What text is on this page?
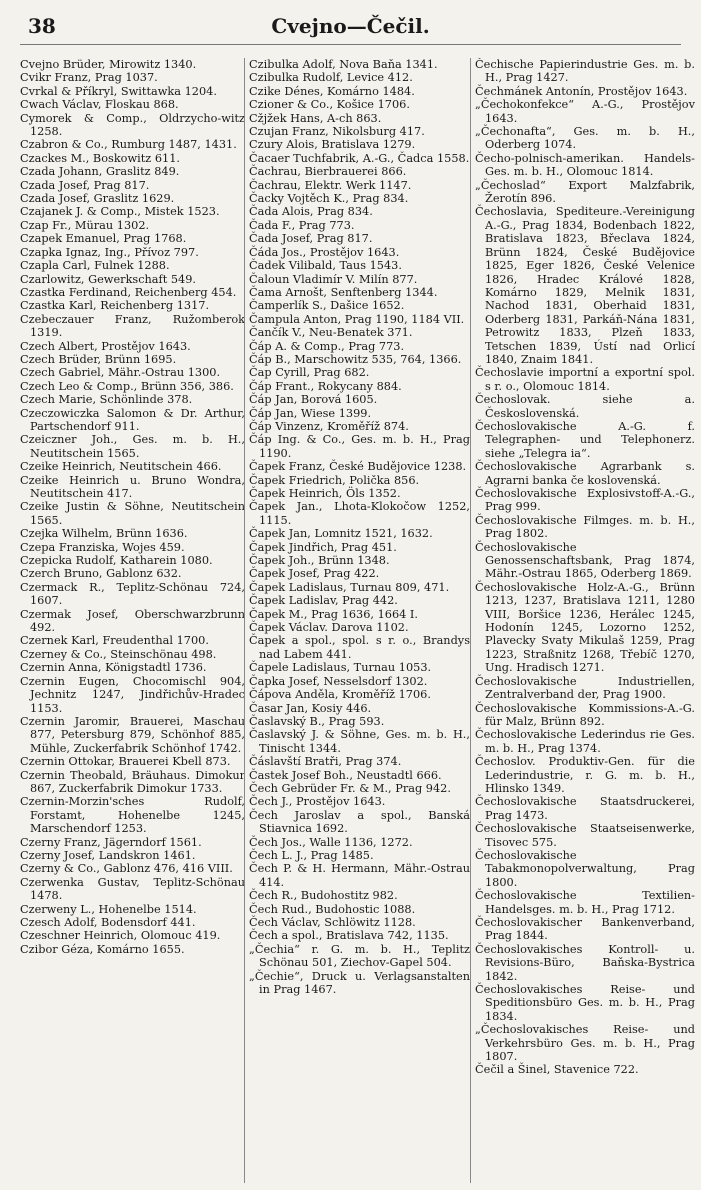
38	Cvejno—Čečil.

Cvejno Brüder, Mirowitz 1340.

Cvikr Franz, Prag 1037.

Cvrkal & Příkryl, Swittawka 1204.

Cwach Václav, Floskau 868.

Cymorek & Comp., Oldrzycho-witz 1258.

Czabron & Co., Rumburg 1487, 1431.

Czackes M., Boskowitz 611.

Czada Johann, Graslitz 849.

Czada Josef, Prag 817.

Czada Josef, Graslitz 1629.

Czajanek J. & Comp., Mistek 1523.

Czap Fr., Mürau 1302.

Czapek Emanuel, Prag 1768.

Czapka Ignaz, Ing., Přívoz 797.

Czapla Carl, Fulnek 1288.

Czarlowitz, Gewerkschaft 549.

Czastka Ferdinand, Reichenberg 454.

Czastka Karl, Reichenberg 1317.

Czebeczauer Franz, Ružomberok 1319.

Czech Albert, Prostějov 1643.

Czech Brüder, Brünn 1695.

Czech Gabriel, Mähr.-Ostrau 1300.

Czech Leo & Comp., Brünn 356, 386.

Czech Marie, Schönlinde 378.

Czeczowiczka Salomon & Dr. Arthur, Partschendorf 911.

Czeiczner Joh., Ges. m. b. H., Neutitschein 1565.

Czeike Heinrich, Neutitschein 466.

Czeike Heinrich u. Bruno Wondra, Neutitschein 417.

Czeike Justin & Söhne, Neutitschein 1565.

Czejka Wilhelm, Brünn 1636.

Czepa Franziska, Wojes 459.

Czepicka Rudolf, Katharein 1080.

Czerch Bruno, Gablonz 632.

Czermack R., Teplitz-Schönau 724, 1607.

Czermak Josef, Oberschwarzbrunn 492.

Czernek Karl, Freudenthal 1700.

Czerney & Co., Steinschönau 498.

Czernin Anna, Königstadtl 1736.

Czernin Eugen, Chocomischl 904, Jechnitz 1247, Jindřichův-Hradec 1153.

Czernin Jaromir, Brauerei, Maschau 877, Petersburg 879, Schönhof 885, Mühle, Zuckerfabrik Schönhof 1742.

Czernin Ottokar, Brauerei Kbell 873.

Czernin Theobald, Bräuhaus. Dimokur 867, Zuckerfabrik Dimokur 1733.

Czernin-Morzin'sches Rudolf, Forstamt, Hohenelbe 1245, Marschendorf 1253.

Czerny Franz, Jägerndorf 1561.

Czerny Josef, Landskron 1461.

Czerny & Co., Gablonz 476, 416 VIII.

Czerwenka Gustav, Teplitz-Schönau 1478.

Czerweny L., Hohenelbe 1514.

Czesch Adolf, Bodensdorf 441.

Czeschner Heinrich, Olomouc 419.

Czibor Géza, Komárno 1655.

Czibulka Adolf, Nova Baňa 1341.

Czibulka Rudolf, Levice 412.

Czike Dénes, Komárno 1484.

Czioner & Co., Košice 1706.

Cžjžek Hans, A-ch 863.

Czujan Franz, Nikolsburg 417.

Czury Alois, Bratislava 1279.

Čacaer Tuchfabrik, A.-G., Čadca 1558.

Čachrau, Bierbrauerei 866.

Čachrau, Elektr. Werk 1147.

Čacky Vojtěch K., Prag 834.

Čada Alois, Prag 834.

Čada F., Prag 773.

Čada Josef, Prag 817.

Čáda Jos., Prostějov 1643.

Čadek Vilibald, Taus 1543.

Čaloun Vladimír V. Milín 877.

Čama Arnošt, Senftenberg 1344.

Čamperlík S., Dašice 1652.

Čampula Anton, Prag 1190, 1184 VII.

Čančík V., Neu-Benatek 371.

Čáp A. & Comp., Prag 773.

Čáp B., Marschowitz 535, 764, 1366.

Čap Cyrill, Prag 682.

Čáp Frant., Rokycany 884.

Čáp Jan, Borová 1605.

Čáp Jan, Wiese 1399.

Čáp Vinzenz, Kroměříž 874.

Čáp Ing. & Co., Ges. m. b. H., Prag 1190.

Čapek Franz, České Budějovice 1238.

Čapek Friedrich, Polička 856.

Čapek Heinrich, Öls 1352.

Čapek Jan., Lhota-Klokočow 1252, 1115.

Čapek Jan, Lomnitz 1521, 1632.

Čapek Jindřich, Prag 451.

Čapek Joh., Brünn 1348.

Čapek Josef, Prag 422.

Čapek Ladislaus, Turnau 809, 471.

Čapek Ladislav, Prag 442.

Čapek M., Prag 1636, 1664 I.

Čapek Václav. Darova 1102.

Čapek a spol., spol. s r. o., Brandys nad Labem 441.

Čapele Ladislaus, Turnau 1053.

Čapka Josef, Nesselsdorf 1302.

Čápova Anděla, Kroměříž 1706.

Časar Jan, Kosiy 446.

Časlavský B., Prag 593.

Časlavský J. & Söhne, Ges. m. b. H., Tinischt 1344.

Čáslavští Bratři, Prag 374.

Častek Josef Boh., Neustadtl 666.

Čech Gebrüder Fr. & M., Prag 942.

Čech J., Prostějov 1643.

Čech Jaroslav a spol., Banská Stiavnica 1692.

Čech Jos., Walle 1136, 1272.

Čech L. J., Prag 1485.

Čech P. & H. Hermann, Mähr.-Ostrau 414.

Čech R., Budohostitz 982.

Čech Rud., Budohostic 1088.

Čech Václav, Schlöwitz 1128.

Čech a spol., Bratislava 742, 1135.

„Čechia“ r. G. m. b. H., Teplitz Schönau 501, Ziechov-Gapel 504.

„Čechie“, Druck u. Verlagsanstalten in Prag 1467.

Čechische Papierindustrie Ges. m. b. H., Prag 1427.

Čechmánek Antonín, Prostějov 1643.

„Čechokonfekce“ A.-G., Prostějov 1643.

„Čechonafta“, Ges. m. b. H., Oderberg 1074.

Čecho-polnisch-amerikan. Handels-Ges. m. b. H., Olomouc 1814.

„Čechoslad“ Export Malzfabrik, Žerotín 896.

Čechoslavia, Spediteure.-Vereinigung A.-G., Prag 1834, Bodenbach 1822, Bratislava 1823, Břeclava 1824, Brünn 1824, České Budějovice 1825, Eger 1826, České Velenice 1826, Hradec Králové 1828, Komárno 1829, Melnik 1831, Nachod 1831, Oberhaid 1831, Oderberg 1831, Parkáň-Nána 1831, Petrowitz 1833, Plzeň 1833, Tetschen 1839, Ústí nad Orlicí 1840, Znaim 1841.

Čechoslavie importní a exportní spol. s r. o., Olomouc 1814.

Čechoslovak. siehe a. Československá.

Čechoslovakische A.-G. f. Telegraphen- und Telephonerz. siehe „Telegra ia“.

Čechoslovakische Agrarbank s. Agrarni banka če koslovenská.

Čechoslovakische Explosivstoff-A.-G., Prag 999.

Čechoslovakische Filmges. m. b. H., Prag 1802.

Čechoslovakische Genossenschaftsbank, Prag 1874, Mähr.-Ostrau 1865, Oderberg 1869.

Čechoslovakische Holz-A.-G., Brünn 1213, 1237, Bratislava 1211, 1280 VIII, Boršice 1236, Herálec 1245, Hodonín 1245, Lozorno 1252, Plavecky Svaty Mikulaš 1259, Prag 1223, Straßnitz 1268, Třebíč 1270, Ung. Hradisch 1271.

Čechoslovakische Industriellen, Zentralverband der, Prag 1900.

Čechoslovakische Kommissions-A.-G. für Malz, Brünn 892.

Čechoslovakische Lederindus rie Ges. m. b. H., Prag 1374.

Čechoslov. Produktiv-Gen. für die Lederindustrie, r. G. m. b. H., Hlinsko 1349.

Čechoslovakische Staatsdruckerei, Prag 1473.

Čechoslovakische Staatseisenwerke, Tisovec 575.

Čechoslovakische Tabakmonopolverwaltung, Prag 1800.

Čechoslovakische Textilien-Handelsges. m. b. H., Prag 1712.

Čechoslovakischer Bankenverband, Prag 1844.

Čechoslovakisches Kontroll- u. Revisions-Büro, Baňska-Bystrica 1842.

Čechoslovakisches Reise- und Speditionsbüro Ges. m. b. H., Prag 1834.

„Čechoslovakisches Reise- und Verkehrsbüro Ges. m. b. H., Prag 1807.

Čečil a Šinel, Stavenice 722.
